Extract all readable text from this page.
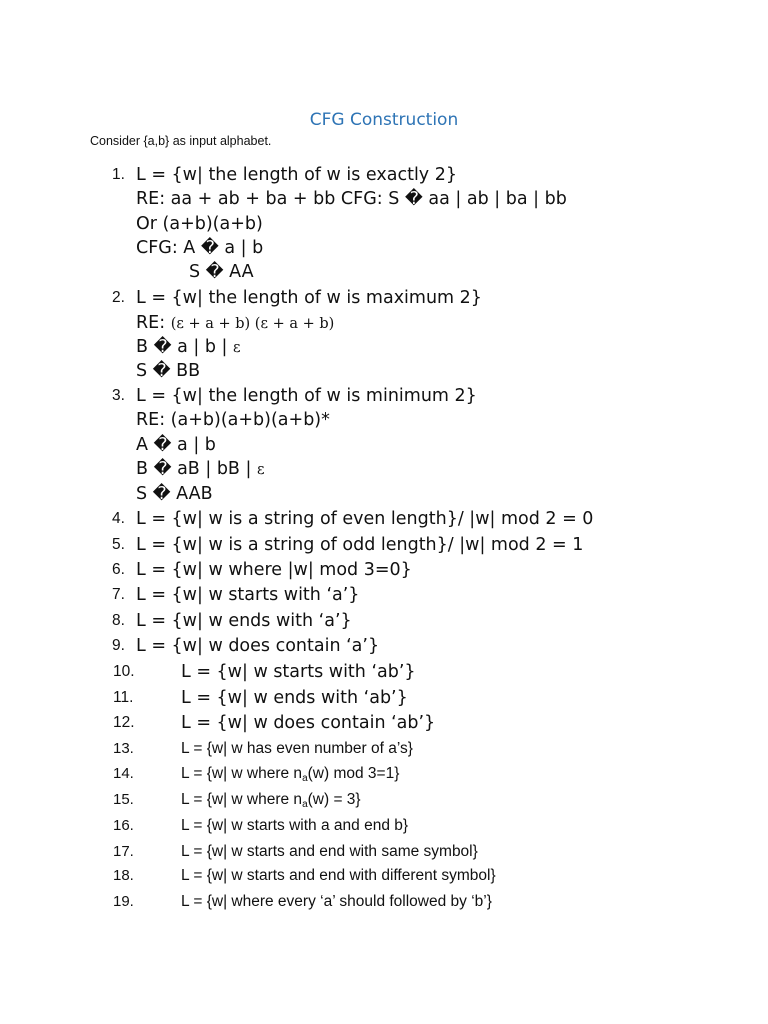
CFG Construction
Consider {a,b} as input alphabet.
1. L = {w| the length of w is exactly 2}
RE: aa + ab + ba + bb CFG: S � aa | ab | ba | bb
Or (a+b)(a+b)
CFG: A � a | b
S � AA
2. L = {w| the length of w is maximum 2}
RE: (ε + a + b) (ε + a + b)
B � a | b | ε
S � BB
3. L = {w| the length of w is minimum 2}
RE: (a+b)(a+b)(a+b)*
A � a | b
B � aB | bB | ε
S � AAB
4. L = {w| w is a string of even length}/ |w| mod 2 = 0
5. L = {w| w is a string of odd length}/ |w| mod 2 = 1
6. L = {w| w where |w| mod 3=0}
7. L = {w| w starts with ‘a’}
8. L = {w| w ends with ‘a’}
9. L = {w| w does contain ‘a’}
10.	L = {w| w starts with ‘ab’}
11.	L = {w| w ends with ‘ab’}
12.	L = {w| w does contain ‘ab’}
13.	L = {w| w has even number of a’s}
14.	L = {w| w where $n_a(w)$ mod 3=1}
15.	L = {w| w where $n_a(w) = 3$}
16.	L = {w| w starts with a and end b}
17.	L = {w| w starts and end with same symbol}
18.	L = {w| w starts and end with different symbol}
19.	L = {w| where every ‘a’ should followed by ‘b’}
